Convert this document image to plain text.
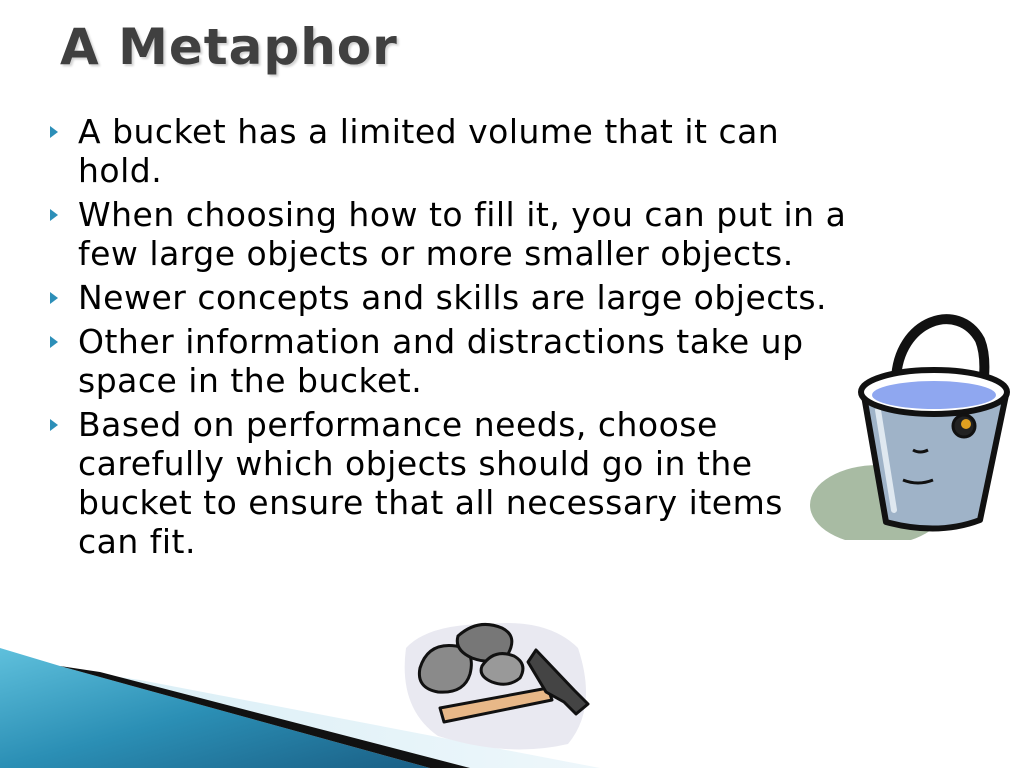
A Metaphor
A bucket has a limited volume that it can hold.
When choosing how to fill it, you can put in a few large objects or more smaller objects.
Newer concepts and skills are large objects.
Other information and distractions take up space in the bucket.
Based on performance needs, choose carefully which objects should go in the bucket to ensure that all necessary items can fit.
